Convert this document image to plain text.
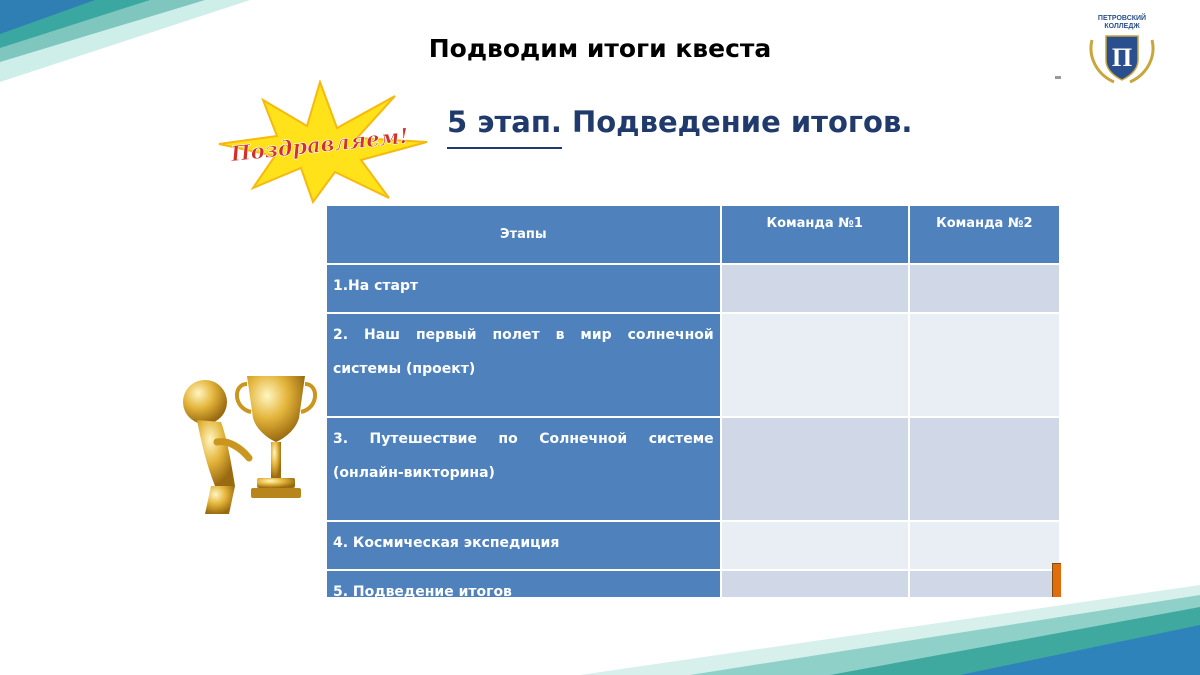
Подводим итоги квеста
ПЕТРОВСКИЙ
КОЛЛЕДЖ
П
Поздравляем!
5 этап. Подведение итогов.
Этапы	Команда №1	Команда №2
1.На старт		
2. Наш первый полет в мир солнечной системы (проект)		
3. Путешествие по Солнечной системе (онлайн-викторина)		
4. Космическая экспедиция		
5. Подведение итогов		
